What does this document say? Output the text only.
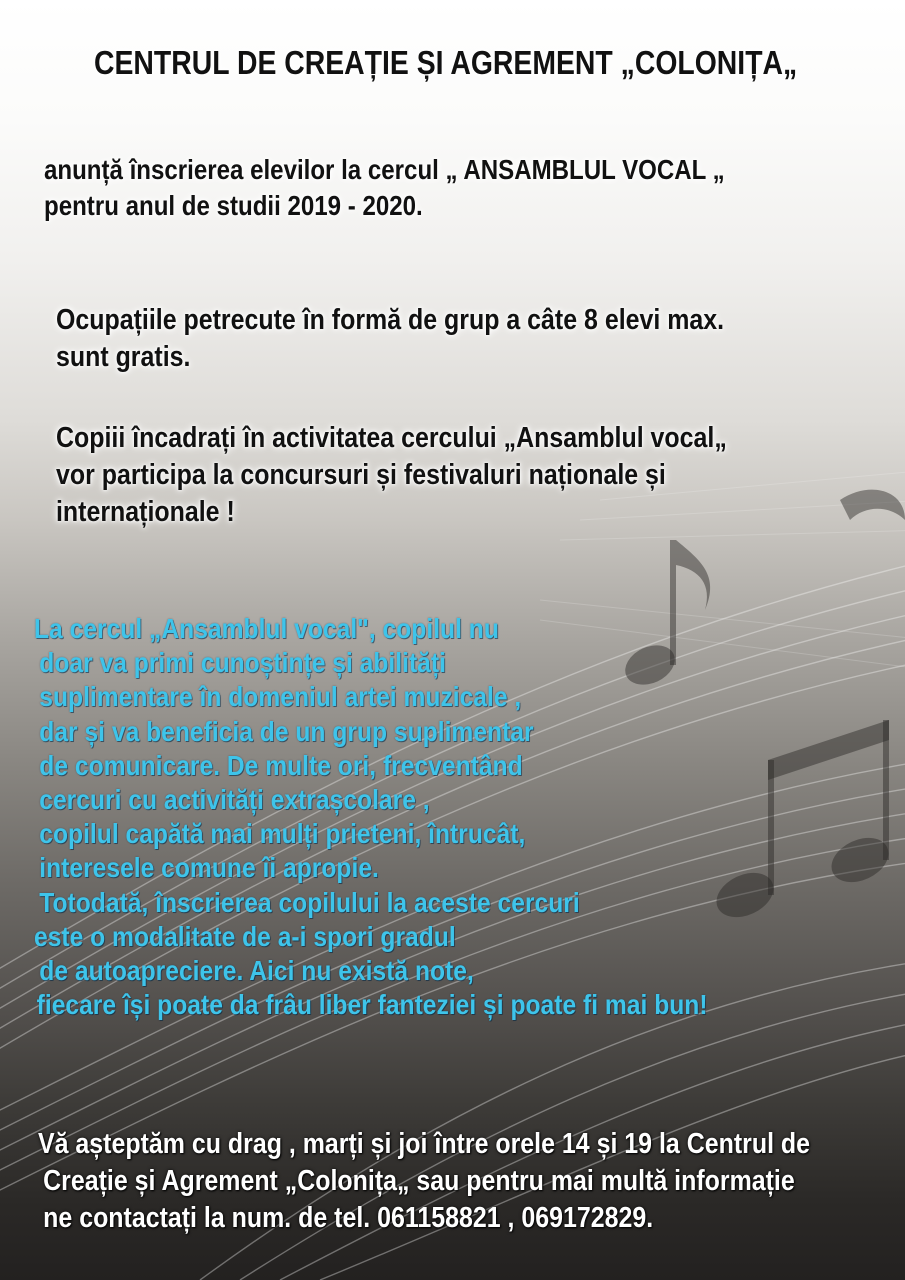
CENTRUL DE CREAȚIE ȘI AGREMENT „COLONIȚA„
anunță înscrierea elevilor la cercul „ ANSAMBLUL VOCAL „
pentru anul de studii 2019 - 2020.
Ocupațiile petrecute în formă de grup a câte 8 elevi max.
sunt gratis.
Copiii încadrați în activitatea cercului „Ansamblul vocal„
vor participa la concursuri și festivaluri naționale și
internaționale !
La cercul „Ansamblul vocal", copilul nu
doar va primi cunoștințe și abilități
suplimentare în domeniul artei muzicale ,
dar și va beneficia de un grup suplimentar
de comunicare. De multe ori, frecventând
cercuri cu activități extrașcolare ,
copilul capătă mai mulți prieteni, întrucât,
interesele comune îi apropie.
Totodată, înscrierea copilului la aceste cercuri
este o modalitate de a-i spori gradul
de autoapreciere. Aici nu există note,
fiecare își poate da frâu liber fanteziei și poate fi mai bun!
Vă așteptăm cu drag , marți și joi între orele 14 și 19 la Centrul de
Creație și Agrement „Colonița„ sau pentru mai multă informație
ne contactați la num. de tel. 061158821 , 069172829.
